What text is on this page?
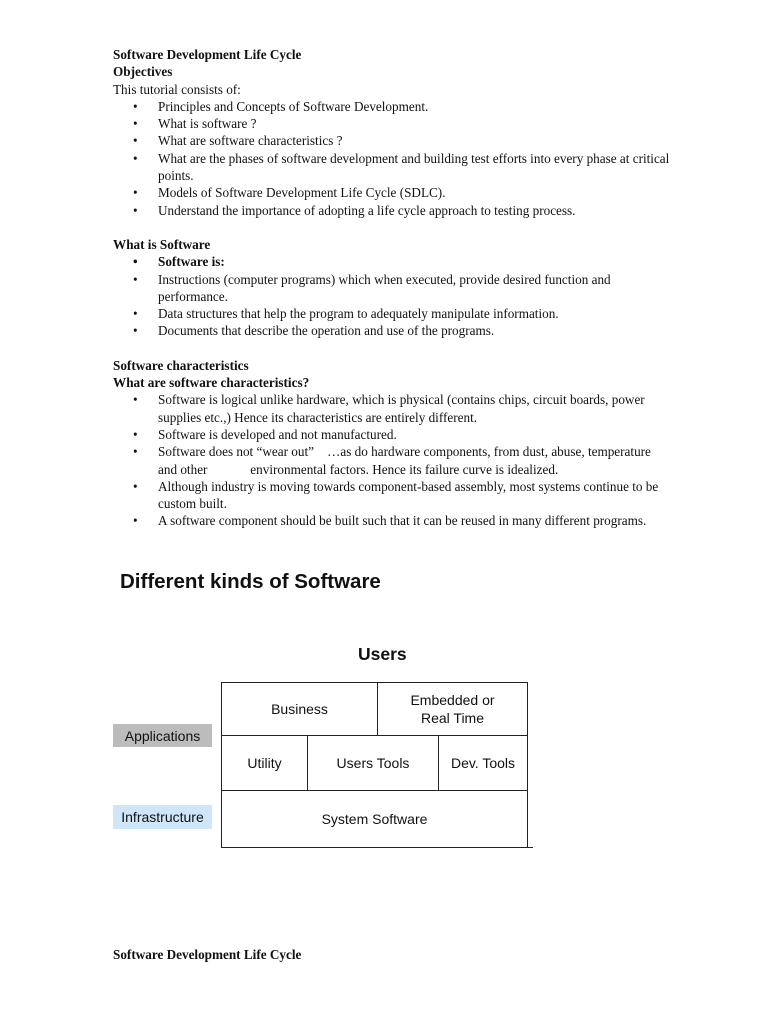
Software Development Life Cycle
Objectives
This tutorial consists of:
• Principles and Concepts of Software Development.
• What is software ?
• What are software characteristics ?
• What are the phases of software development and building test efforts into every phase at critical points.
• Models of Software Development Life Cycle (SDLC).
• Understand the importance of adopting a life cycle approach to testing process.
What is Software
• Software is:
• Instructions (computer programs) which when executed, provide desired function and performance.
• Data structures that help the program to adequately manipulate information.
• Documents that describe the operation and use of the programs.
Software characteristics
What are software characteristics?
• Software is logical unlike hardware, which is physical (contains chips, circuit boards, power supplies etc.,) Hence its characteristics are entirely different.
• Software is developed and not manufactured.
• Software does not “wear out”    …as do hardware components, from dust, abuse, temperature and other             environmental factors. Hence its failure curve is idealized.
• Although industry is moving towards component-based assembly, most systems continue to be custom built.
• A software component should be built such that it can be reused in many different programs.
Different kinds of Software
Users
Applications
Infrastructure
Business
Embedded or
Real Time
Utility	Users Tools	Dev. Tools
System Software
Software Development Life Cycle
